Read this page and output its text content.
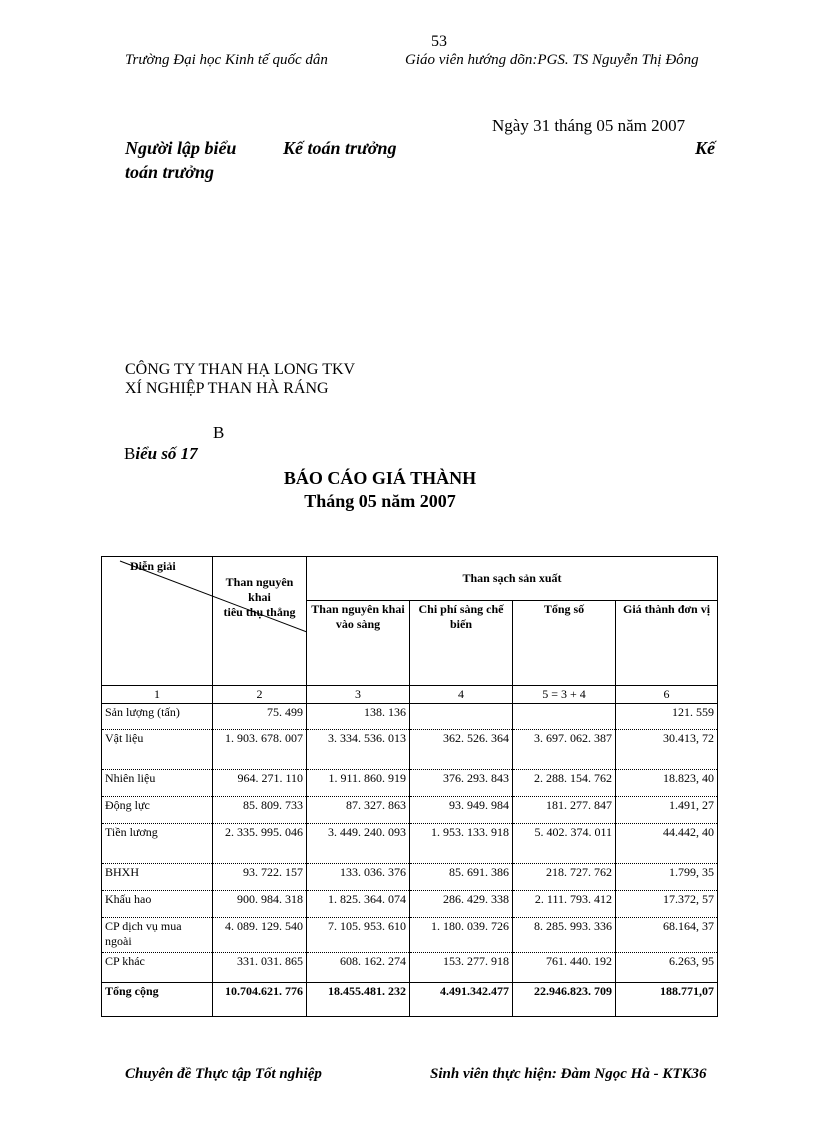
53
Trường Đại học Kinh tế quốc dân	Giáo viên hướng dõn:PGS. TS Nguyễn Thị Đông
Ngày 31 tháng 05 năm 2007
Người lập biểu	Kế toán trưởng	Kế
toán trưởng
CÔNG TY THAN HẠ LONG TKV
XÍ NGHIỆP THAN HÀ RÁNG
B
Biểu số 17
BÁO CÁO GIÁ THÀNH
Tháng 05 năm 2007
Diễn giải	Than nguyên khai
tiêu thụ thẳng	Than sạch sản xuất			
		Than nguyên khai vào sàng	Chi phí sàng chế biến	Tổng số	Giá thành đơn vị
1	2	3	4	5 = 3 + 4	6
Sản lượng (tấn)	75. 499	138. 136			121. 559
Vật liệu	1. 903. 678. 007	3. 334. 536. 013	362. 526. 364	3. 697. 062. 387	30.413, 72
Nhiên liệu	964. 271. 110	1. 911. 860. 919	376. 293. 843	2. 288. 154. 762	18.823, 40
Động lực	85. 809. 733	87. 327. 863	93. 949. 984	181. 277. 847	1.491, 27
Tiền lương	2. 335. 995. 046	3. 449. 240. 093	1. 953. 133. 918	5. 402. 374. 011	44.442, 40
BHXH	93. 722. 157	133. 036. 376	85. 691. 386	218. 727. 762	1.799, 35
Khấu hao	900. 984. 318	1. 825. 364. 074	286. 429. 338	2. 111. 793. 412	17.372, 57
CP dịch vụ mua ngoài	4. 089. 129. 540	7. 105. 953. 610	1. 180. 039. 726	8. 285. 993. 336	68.164, 37
CP khác	331. 031. 865	608. 162. 274	153. 277. 918	761. 440. 192	6.263, 95
Tổng cộng	10.704.621. 776	18.455.481. 232	4.491.342.477	22.946.823. 709	188.771,07
Chuyên đề Thực tập Tốt nghiệp	Sinh viên thực hiện: Đàm Ngọc Hà - KTK36
